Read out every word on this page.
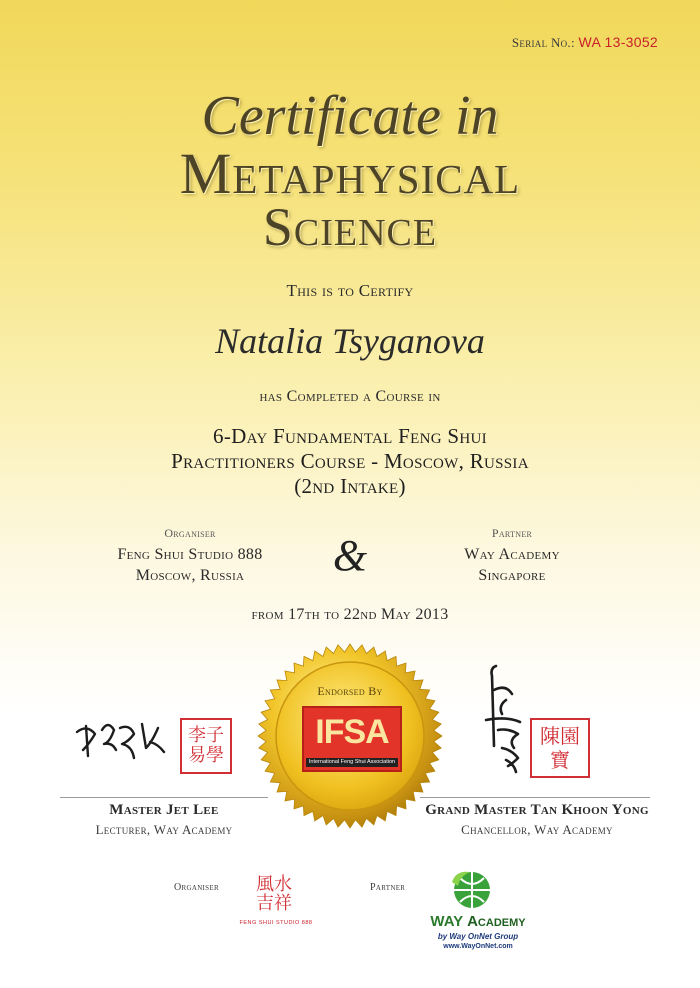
Serial No.: WA 13-3052
Certificate in
Metaphysical
Science
This is to Certify
Natalia Tsyganova
has Completed a Course in
6-Day Fundamental Feng Shui
Practitioners Course - Moscow, Russia
(2nd Intake)
Organiser
Feng Shui Studio 888
Moscow, Russia	&	Partner
Way Academy
Singapore
from 17th to 22nd May 2013
李子易學
Master Jet Lee
Lecturer, Way Academy
Endorsed By
IFSA
International Feng Shui Association
陳園寶
Grand Master Tan Khoon Yong
Chancellor, Way Academy
Organiser 風水吉祥
FENG SHUI STUDIO 888
Partner
WAY Academy
by Way OnNet Group
www.WayOnNet.com
